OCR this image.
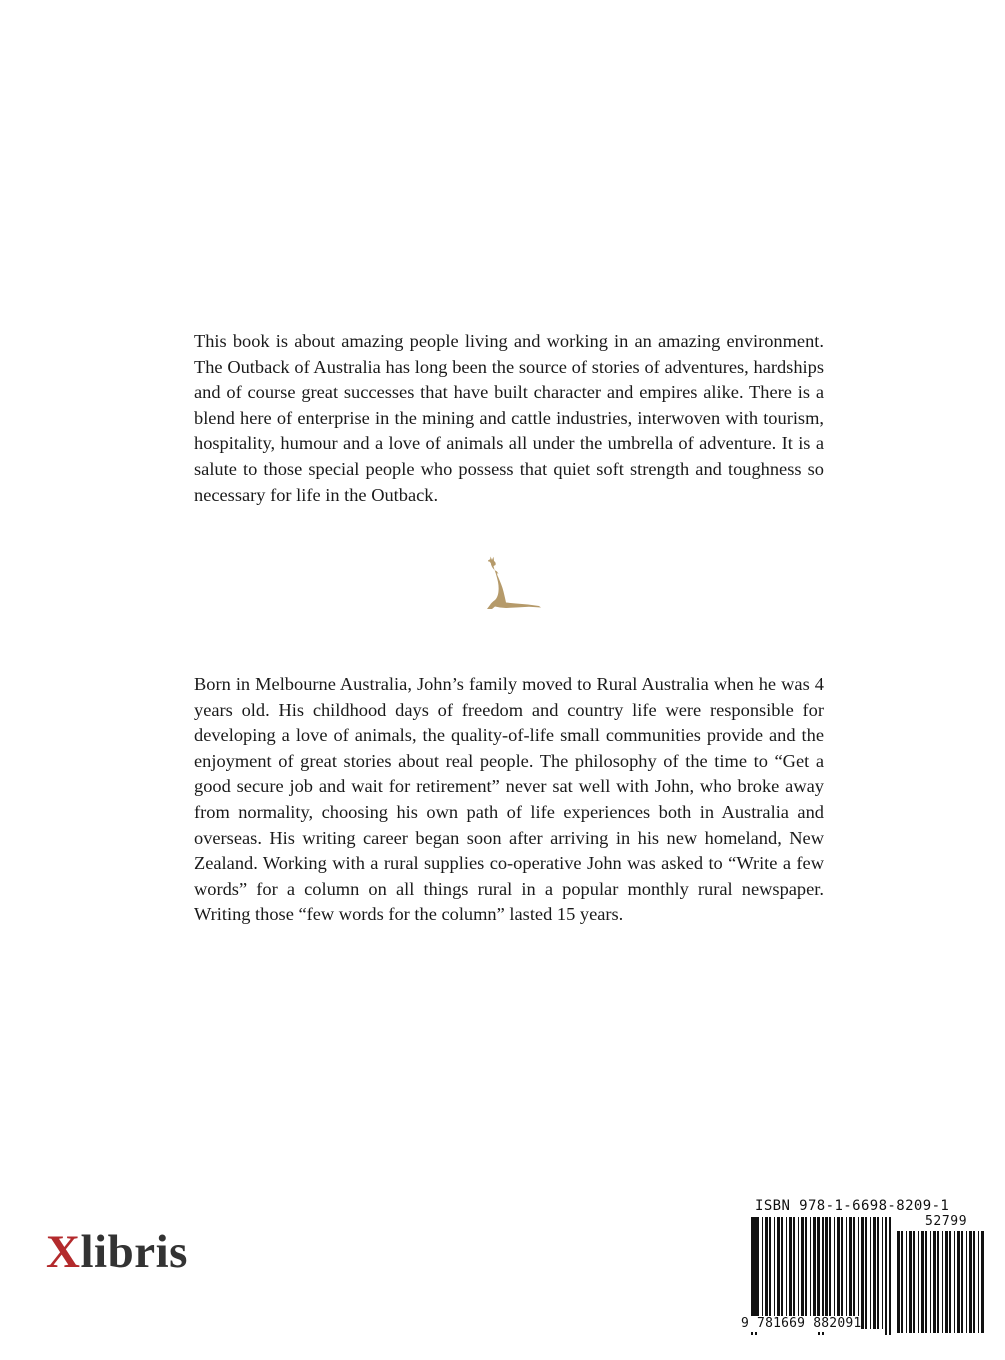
This book is about amazing people living and working in an amazing environment. The Outback of Australia has long been the source of stories of adventures, hardships and of course great successes that have built character and empires alike. There is a blend here of enterprise in the mining and cattle industries, interwoven with tourism, hospitality, humour and a love of animals all under the umbrella of adventure. It is a salute to those special people who possess that quiet soft strength and toughness so necessary for life in the Outback.

Born in Melbourne Australia, John’s family moved to Rural Australia when he was 4 years old. His childhood days of freedom and country life were responsible for developing a love of animals, the quality-of-life small communities provide and the enjoyment of great stories about real people. The philosophy of the time to “Get a good secure job and wait for retirement” never sat well with John, who broke away from normality, choosing his own path of life experiences both in Australia and overseas. His writing career began soon after arriving in his new homeland, New Zealand. Working with a rural supplies co-operative John was asked to “Write a few words” for a column on all things rural in a popular monthly rural newspaper. Writing those “few words for the column” lasted 15 years.

Xlibris
ISBN 978-1-6698-8209-1
52799
9 781669 882091
